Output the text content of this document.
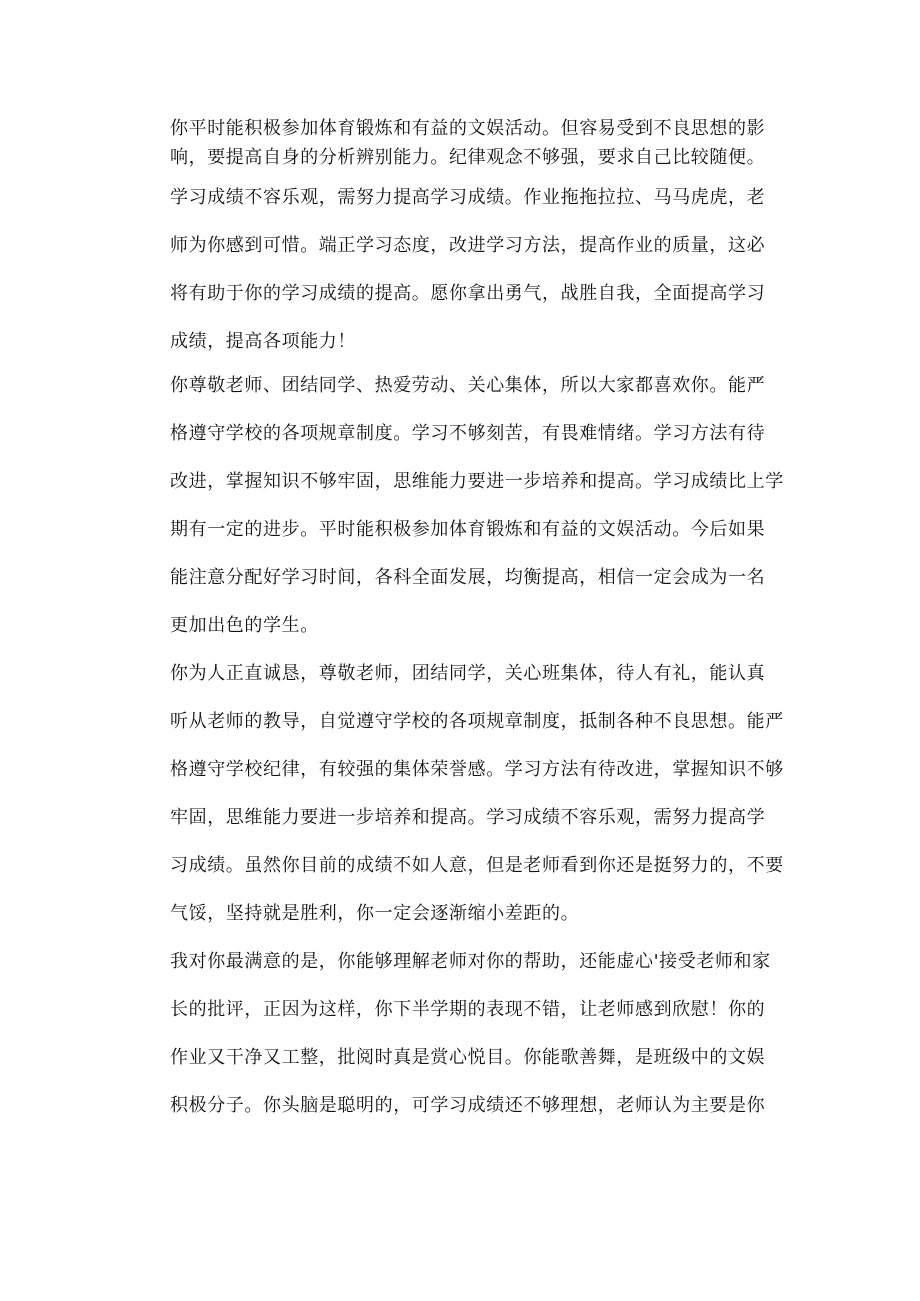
你平时能积极参加体育锻炼和有益的文娱活动。但容易受到不良思想的影
响，要提高自身的分析辨别能力。纪律观念不够强，要求自己比较随便。
学习成绩不容乐观，需努力提高学习成绩。作业拖拖拉拉、马马虎虎，老
师为你感到可惜。端正学习态度，改进学习方法，提高作业的质量，这必
将有助于你的学习成绩的提高。愿你拿出勇气，战胜自我，全面提高学习
成绩，提高各项能力！
你尊敬老师、团结同学、热爱劳动、关心集体，所以大家都喜欢你。能严
格遵守学校的各项规章制度。学习不够刻苦，有畏难情绪。学习方法有待
改进，掌握知识不够牢固，思维能力要进一步培养和提高。学习成绩比上学
期有一定的进步。平时能积极参加体育锻炼和有益的文娱活动。今后如果
能注意分配好学习时间，各科全面发展，均衡提高，相信一定会成为一名
更加出色的学生。
你为人正直诚恳，尊敬老师，团结同学，关心班集体，待人有礼，能认真
听从老师的教导，自觉遵守学校的各项规章制度，抵制各种不良思想。能严
格遵守学校纪律，有较强的集体荣誉感。学习方法有待改进，掌握知识不够
牢固，思维能力要进一步培养和提高。学习成绩不容乐观，需努力提高学
习成绩。虽然你目前的成绩不如人意，但是老师看到你还是挺努力的，不要
气馁，坚持就是胜利，你一定会逐渐缩小差距的。
我对你最满意的是，你能够理解老师对你的帮助，还能虚心'接受老师和家
长的批评，正因为这样，你下半学期的表现不错，让老师感到欣慰！你的
作业又干净又工整，批阅时真是赏心悦目。你能歌善舞，是班级中的文娱
积极分子。你头脑是聪明的，可学习成绩还不够理想，老师认为主要是你
